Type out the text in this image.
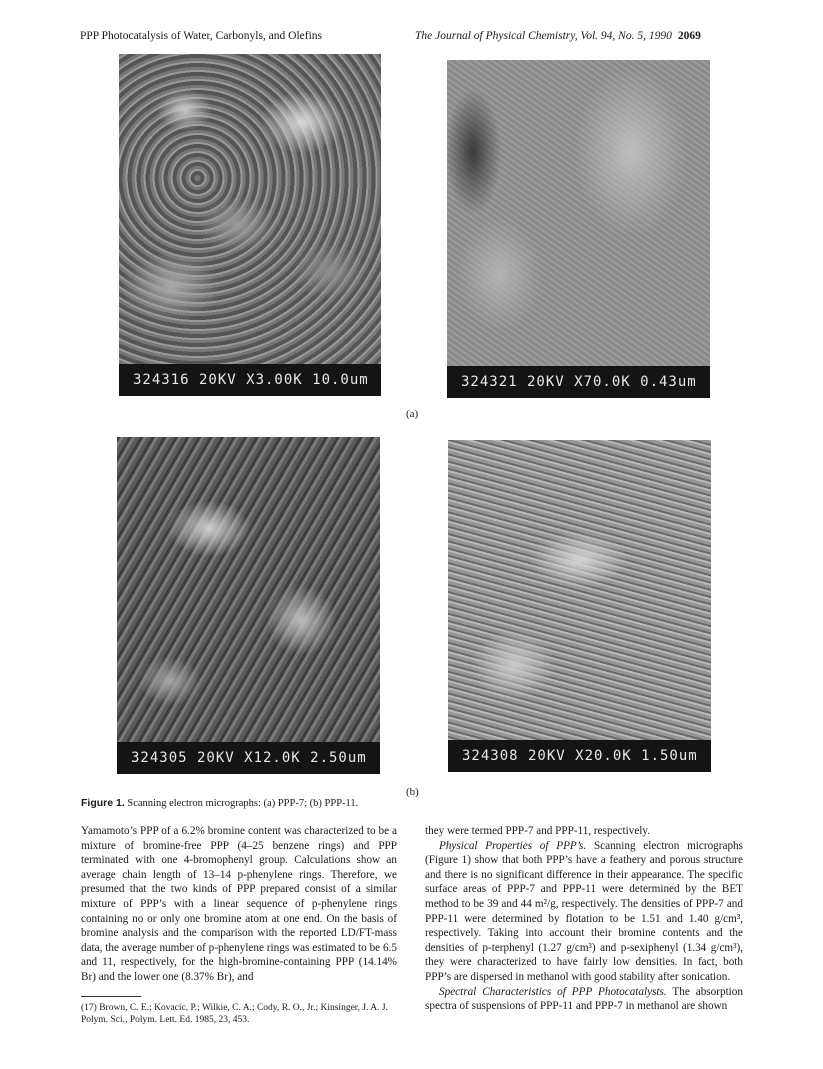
PPP Photocatalysis of Water, Carbonyls, and Olefins	The Journal of Physical Chemistry, Vol. 94, No. 5, 1990 2069
324316 20KV X3.00K 10.0um	324321 20KV X70.0K 0.43um
(a)
324305 20KV X12.0K 2.50um	324308 20KV X20.0K 1.50um
(b)
Figure 1. Scanning electron micrographs: (a) PPP-7; (b) PPP-11.

Yamamoto’s PPP of a 6.2% bromine content was characterized to be a mixture of bromine-free PPP (4–25 benzene rings) and PPP terminated with one 4-bromophenyl group. Calculations show an average chain length of 13–14 p-phenylene rings. Therefore, we presumed that the two kinds of PPP prepared consist of a similar mixture of PPP’s with a linear sequence of p-phenylene rings containing no or only one bromine atom at one end. On the basis of bromine analysis and the comparison with the reported LD/FT-mass data, the average number of p-phenylene rings was estimated to be 6.5 and 11, respectively, for the high-bromine-containing PPP (14.14% Br) and the lower one (8.37% Br), and

(17) Brown, C. E.; Kovacic, P.; Wilkie, C. A.; Cody, R. O., Jr.; Kinsinger, J. A. J. Polym. Sci., Polym. Lett. Ed. 1985, 23, 453.

they were termed PPP-7 and PPP-11, respectively.

Physical Properties of PPP’s. Scanning electron micrographs (Figure 1) show that both PPP’s have a feathery and porous structure and there is no significant difference in their appearance. The specific surface areas of PPP-7 and PPP-11 were determined by the BET method to be 39 and 44 m²/g, respectively. The densities of PPP-7 and PPP-11 were determined by flotation to be 1.51 and 1.40 g/cm³, respectively. Taking into account their bromine contents and the densities of p-terphenyl (1.27 g/cm³) and p-sexiphenyl (1.34 g/cm³), they were characterized to have fairly low densities. In fact, both PPP’s are dispersed in methanol with good stability after sonication.

Spectral Characteristics of PPP Photocatalysts. The absorption spectra of suspensions of PPP-11 and PPP-7 in methanol are shown
